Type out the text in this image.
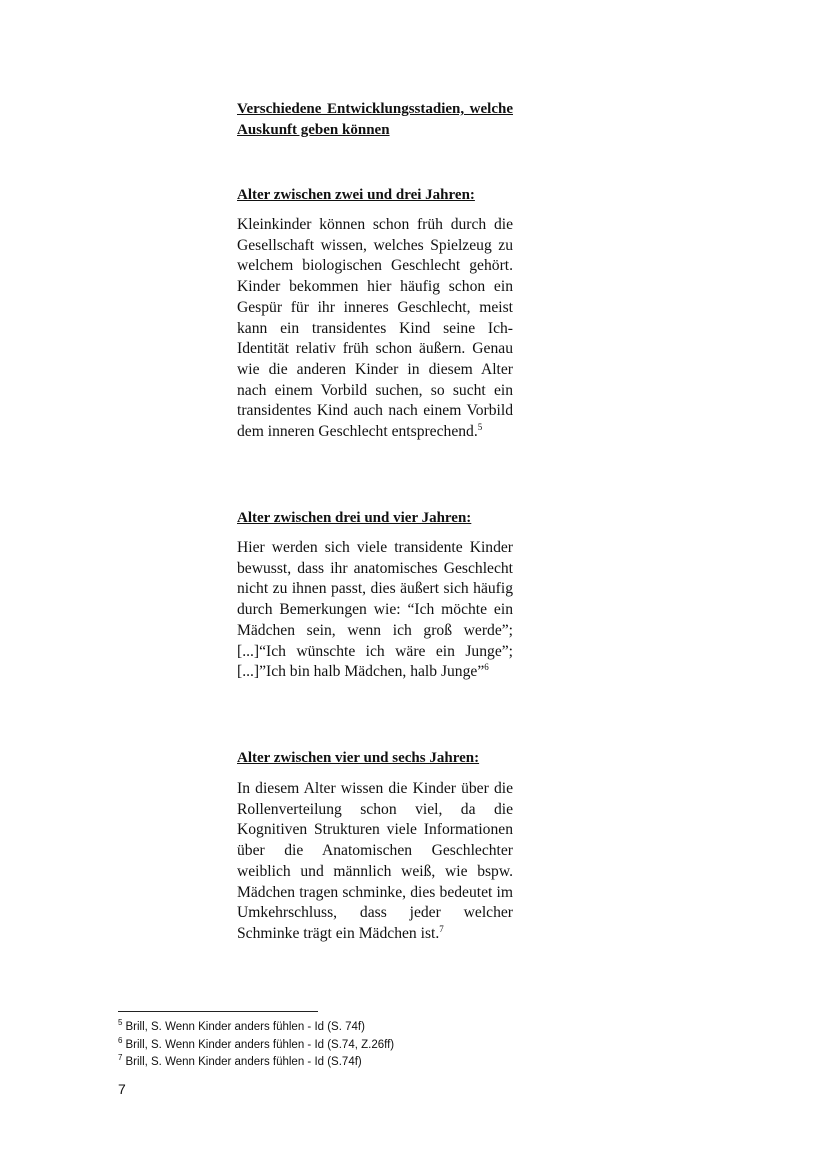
Verschiedene Entwicklungsstadien, welche Auskunft geben können

Alter zwischen zwei und drei Jahren:

Kleinkinder können schon früh durch die Gesellschaft wissen, welches Spielzeug zu welchem biologischen Geschlecht gehört. Kinder bekommen hier häufig schon ein Gespür für ihr inneres Geschlecht, meist kann ein transidentes Kind seine Ich-Identität relativ früh schon äußern. Genau wie die anderen Kinder in diesem Alter nach einem Vorbild suchen, so sucht ein transidentes Kind auch nach einem Vorbild dem inneren Geschlecht entsprechend.$^5$

Alter zwischen drei und vier Jahren:

Hier werden sich viele transidente Kinder bewusst, dass ihr anatomisches Geschlecht nicht zu ihnen passt, dies äußert sich häufig durch Bemerkungen wie: “Ich möchte ein Mädchen sein, wenn ich groß werde”; [...]“Ich wünschte ich wäre ein Junge”; [...]”Ich bin halb Mädchen, halb Junge”$^6$

Alter zwischen vier und sechs Jahren:

In diesem Alter wissen die Kinder über die Rollenverteilung schon viel, da die Kognitiven Strukturen viele Informationen über die Anatomischen Geschlechter weiblich und männlich weiß, wie bspw. Mädchen tragen schminke, dies bedeutet im Umkehrschluss, dass jeder welcher Schminke trägt ein Mädchen ist.$^7$

$^5$ Brill, S. Wenn Kinder anders fühlen - Id (S. 74f)
$^6$ Brill, S. Wenn Kinder anders fühlen - Id (S.74, Z.26ff)
$^7$ Brill, S. Wenn Kinder anders fühlen - Id (S.74f)
7
